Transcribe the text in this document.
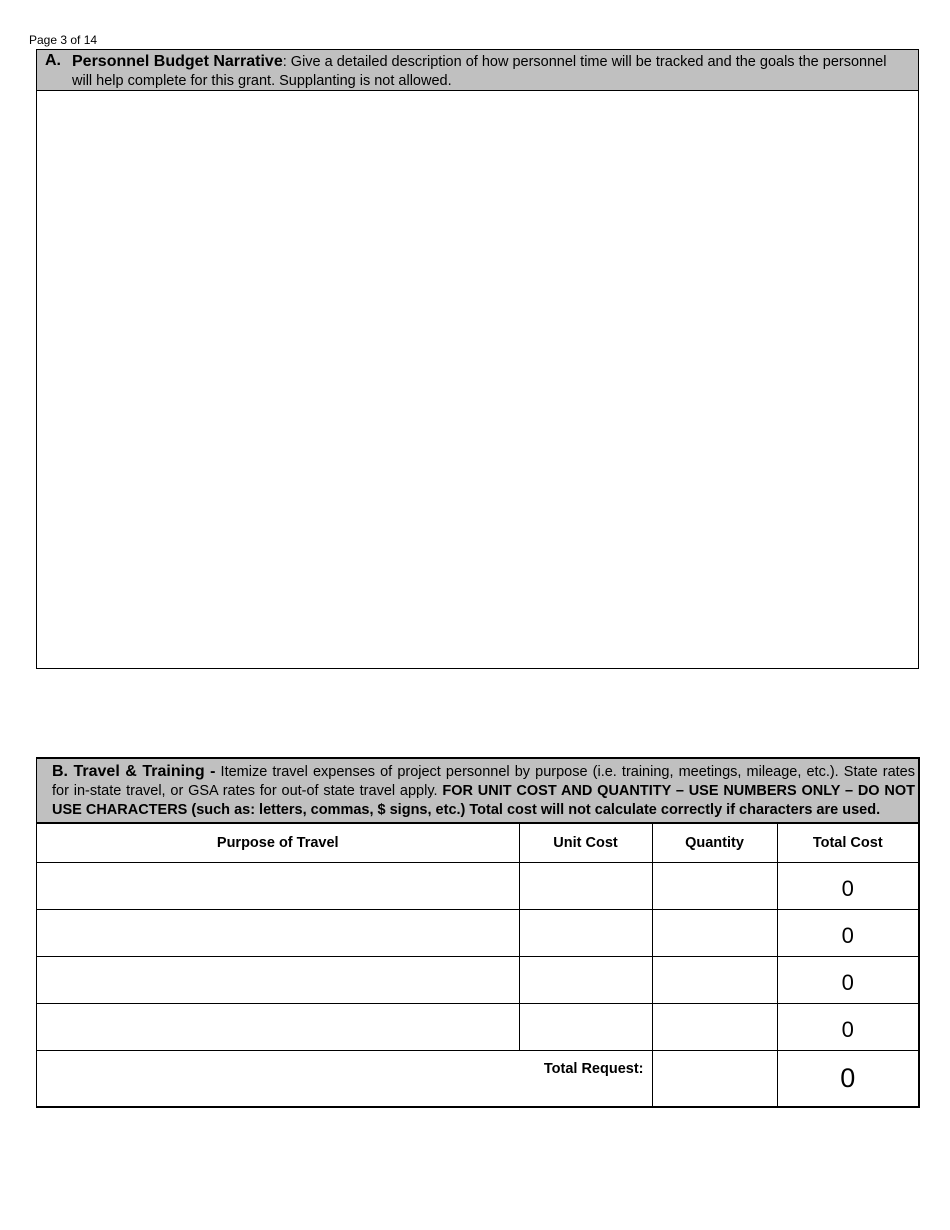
Page 3 of 14
A. Personnel Budget Narrative: Give a detailed description of how personnel time will be tracked and the goals the personnel will help complete for this grant. Supplanting is not allowed.
B. Travel & Training - Itemize travel expenses of project personnel by purpose (i.e. training, meetings, mileage, etc.). State rates for in-state travel, or GSA rates for out-of state travel apply. FOR UNIT COST AND QUANTITY – USE NUMBERS ONLY – DO NOT USE CHARACTERS (such as: letters, commas, $ signs, etc.) Total cost will not calculate correctly if characters are used.
Purpose of Travel	Unit Cost	Quantity	Total Cost
			0
			0
			0
			0
Total Request:			0
